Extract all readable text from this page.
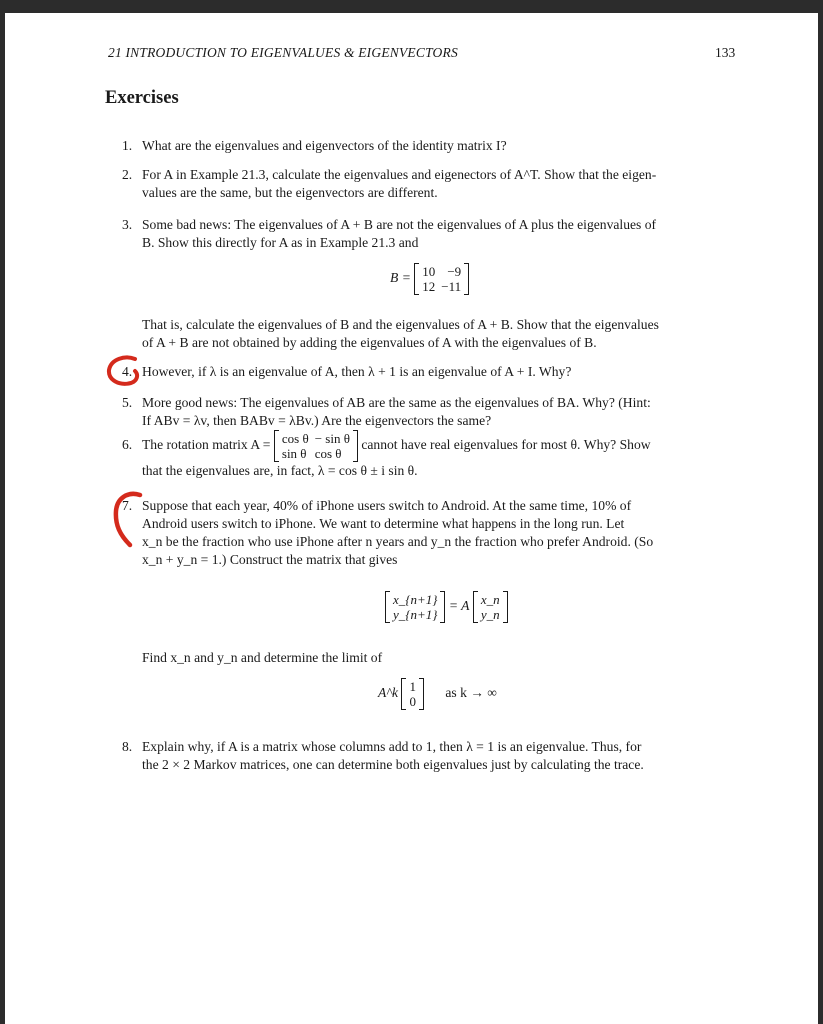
21 INTRODUCTION TO EIGENVALUES & EIGENVECTORS	133
Exercises
1. What are the eigenvalues and eigenvectors of the identity matrix I?
2. For A in Example 21.3, calculate the eigenvalues and eigenectors of A^T. Show that the eigen-
values are the same, but the eigenvectors are different.
3. Some bad news: The eigenvalues of A + B are not the eigenvalues of A plus the eigenvalues of
B. Show this directly for A as in Example 21.3 and
B = 10	−9
12	−11
That is, calculate the eigenvalues of B and the eigenvalues of A + B. Show that the eigenvalues
of A + B are not obtained by adding the eigenvalues of A with the eigenvalues of B.
4. However, if λ is an eigenvalue of A, then λ + 1 is an eigenvalue of A + I. Why?
5. More good news: The eigenvalues of AB are the same as the eigenvalues of BA. Why? (Hint:
If ABv = λv, then BABv = λBv.) Are the eigenvectors the same?
6. The rotation matrix A = cos θ	− sin θ
sin θ	cos θ
cannot have real eigenvalues for most θ. Why? Show
that the eigenvalues are, in fact, λ = cos θ ± i sin θ.
7. Suppose that each year, 40% of iPhone users switch to Android. At the same time, 10% of
Android users switch to iPhone. We want to determine what happens in the long run. Let
x_n be the fraction who use iPhone after n years and y_n the fraction who prefer Android. (So
x_n + y_n = 1.) Construct the matrix that gives
x_{n+1}
y_{n+1}
= A x_n
y_n
Find x_n and y_n and determine the limit of
A^k 1
0
as k → ∞
8. Explain why, if A is a matrix whose columns add to 1, then λ = 1 is an eigenvalue. Thus, for
the 2 × 2 Markov matrices, one can determine both eigenvalues just by calculating the trace.
